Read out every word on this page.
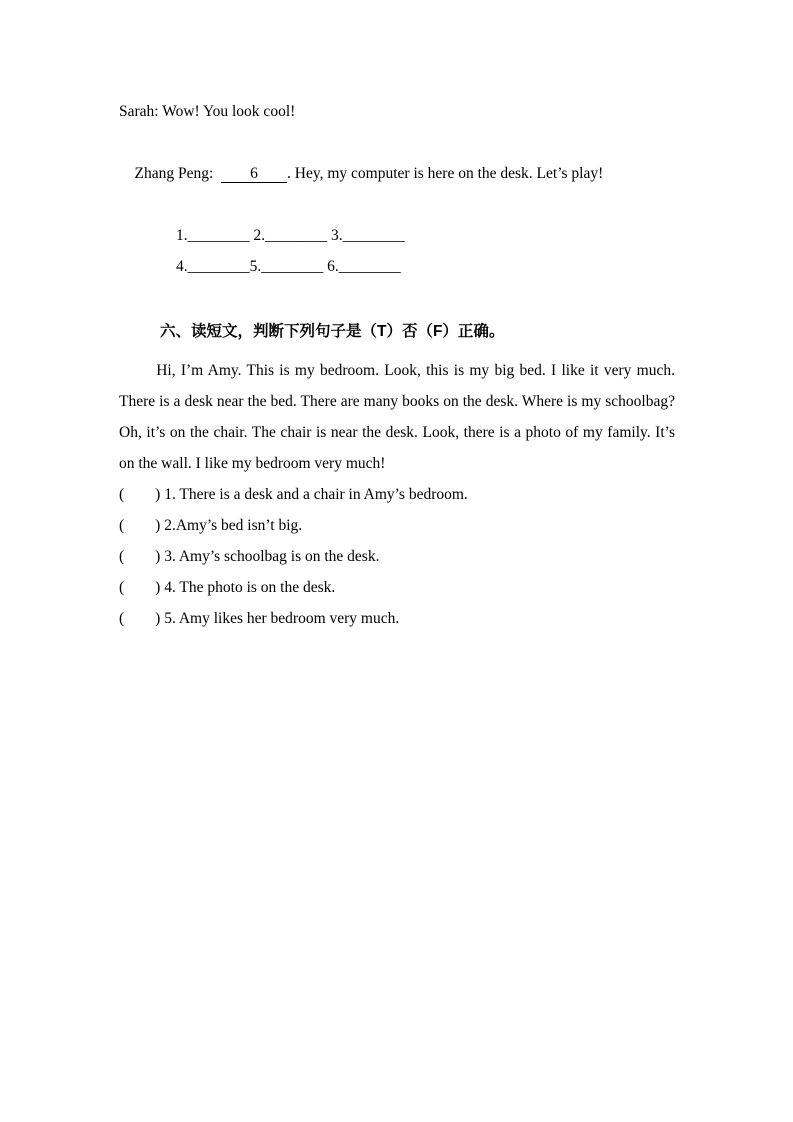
Sarah: Wow! You look cool!

Zhang Peng:  6 . Hey, my computer is here on the desk. Let’s play!

1.________ 2.________ 3.________
4.________5.________ 6.________
六、读短文，判断下列句子是（T）否（F）正确。
Hi, I’m Amy. This is my bedroom. Look, this is my big bed. I like it very much. There is a desk near the bed. There are many books on the desk. Where is my schoolbag? Oh, it’s on the chair. The chair is near the desk. Look, there is a photo of my family. It’s on the wall. I like my bedroom very much!
(        ) 1. There is a desk and a chair in Amy’s bedroom.
(        ) 2.Amy’s bed isn’t big.
(        ) 3. Amy’s schoolbag is on the desk.
(        ) 4. The photo is on the desk.
(        ) 5. Amy likes her bedroom very much.
